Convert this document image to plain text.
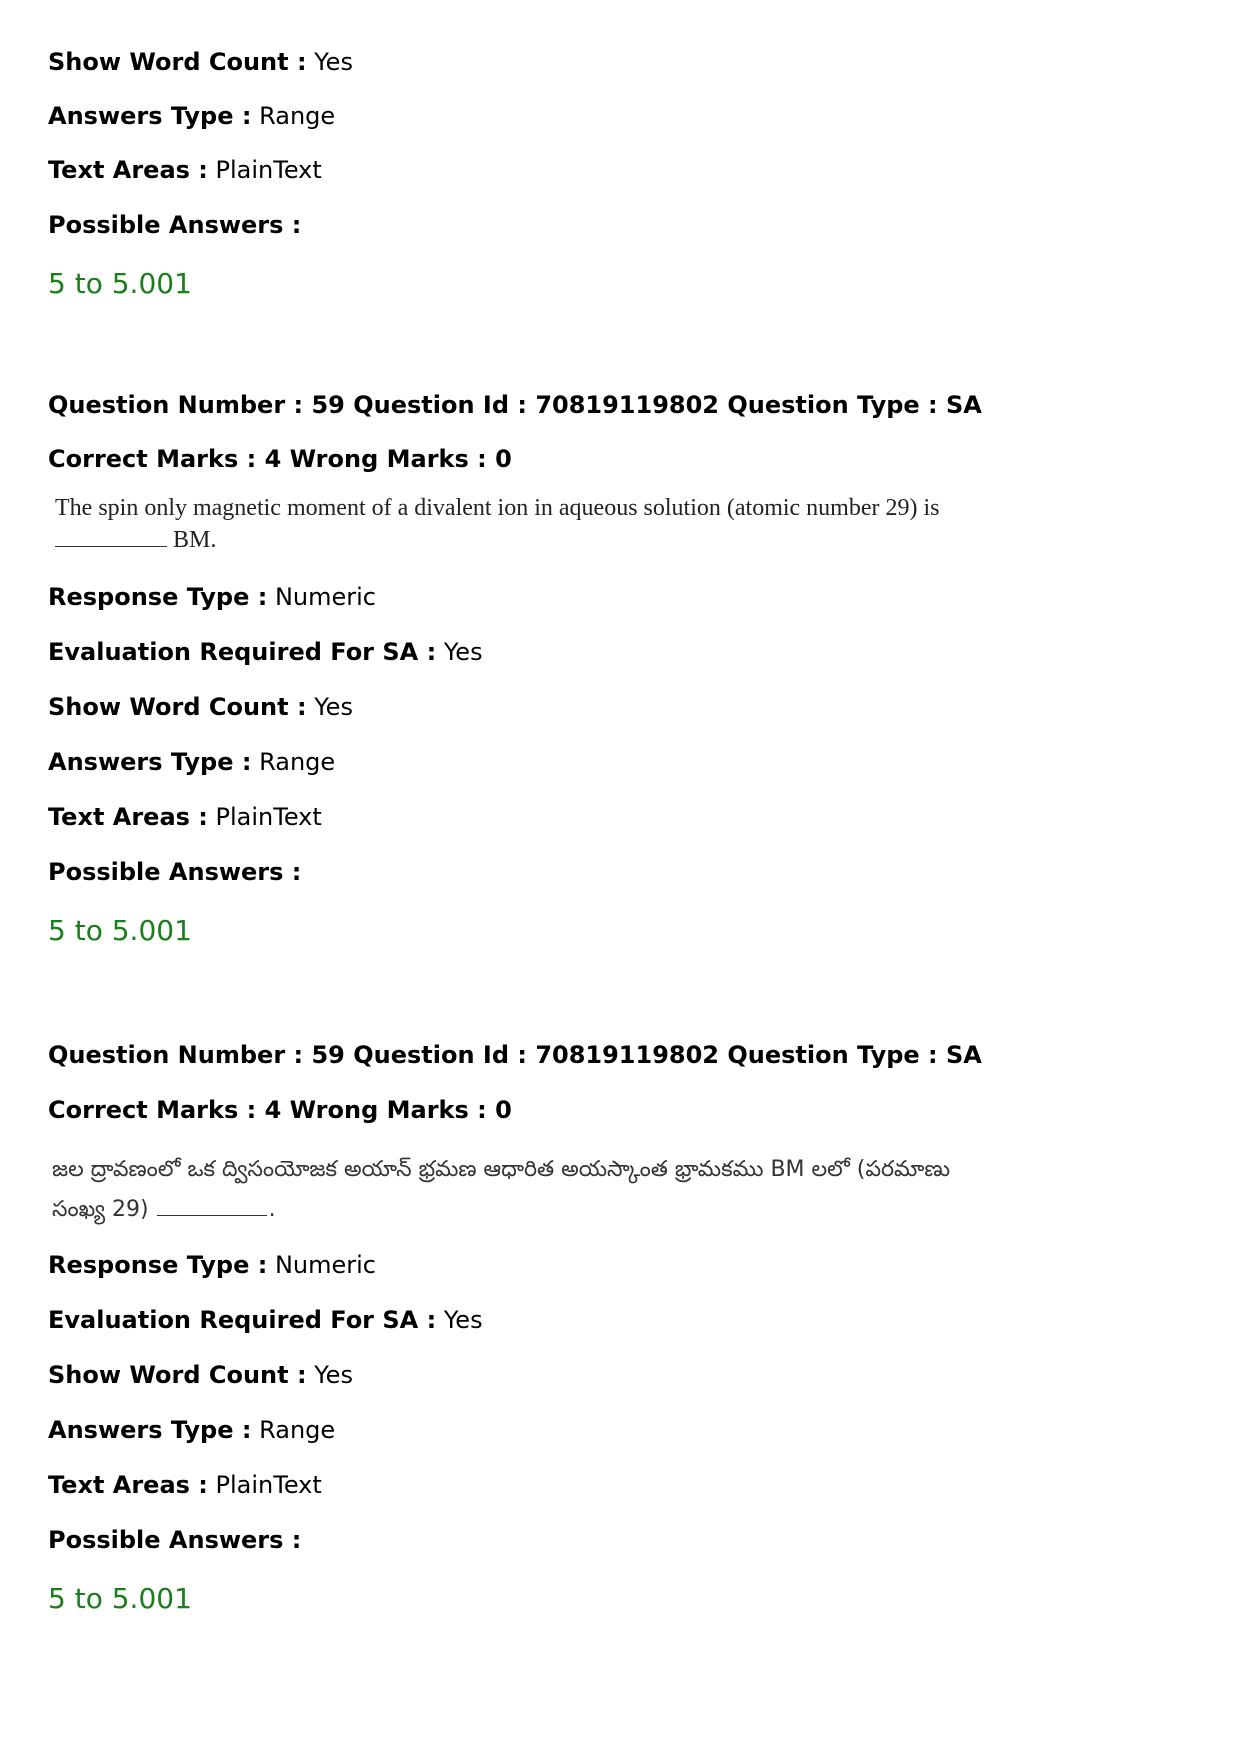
Show Word Count : Yes
Answers Type : Range
Text Areas : PlainText
Possible Answers :
5 to 5.001
Question Number : 59 Question Id : 70819119802 Question Type : SA
Correct Marks : 4 Wrong Marks : 0
The spin only magnetic moment of a divalent ion in aqueous solution (atomic number 29) is
BM.
Response Type : Numeric
Evaluation Required For SA : Yes
Show Word Count : Yes
Answers Type : Range
Text Areas : PlainText
Possible Answers :
5 to 5.001
Question Number : 59 Question Id : 70819119802 Question Type : SA
Correct Marks : 4 Wrong Marks : 0
జల ద్రావణంలో ఒక ద్విసంయోజక అయాన్ భ్రమణ ఆధారిత అయస్కాంత భ్రామకము BM లలో (పరమాణు
సంఖ్య 29)	.
Response Type : Numeric
Evaluation Required For SA : Yes
Show Word Count : Yes
Answers Type : Range
Text Areas : PlainText
Possible Answers :
5 to 5.001
